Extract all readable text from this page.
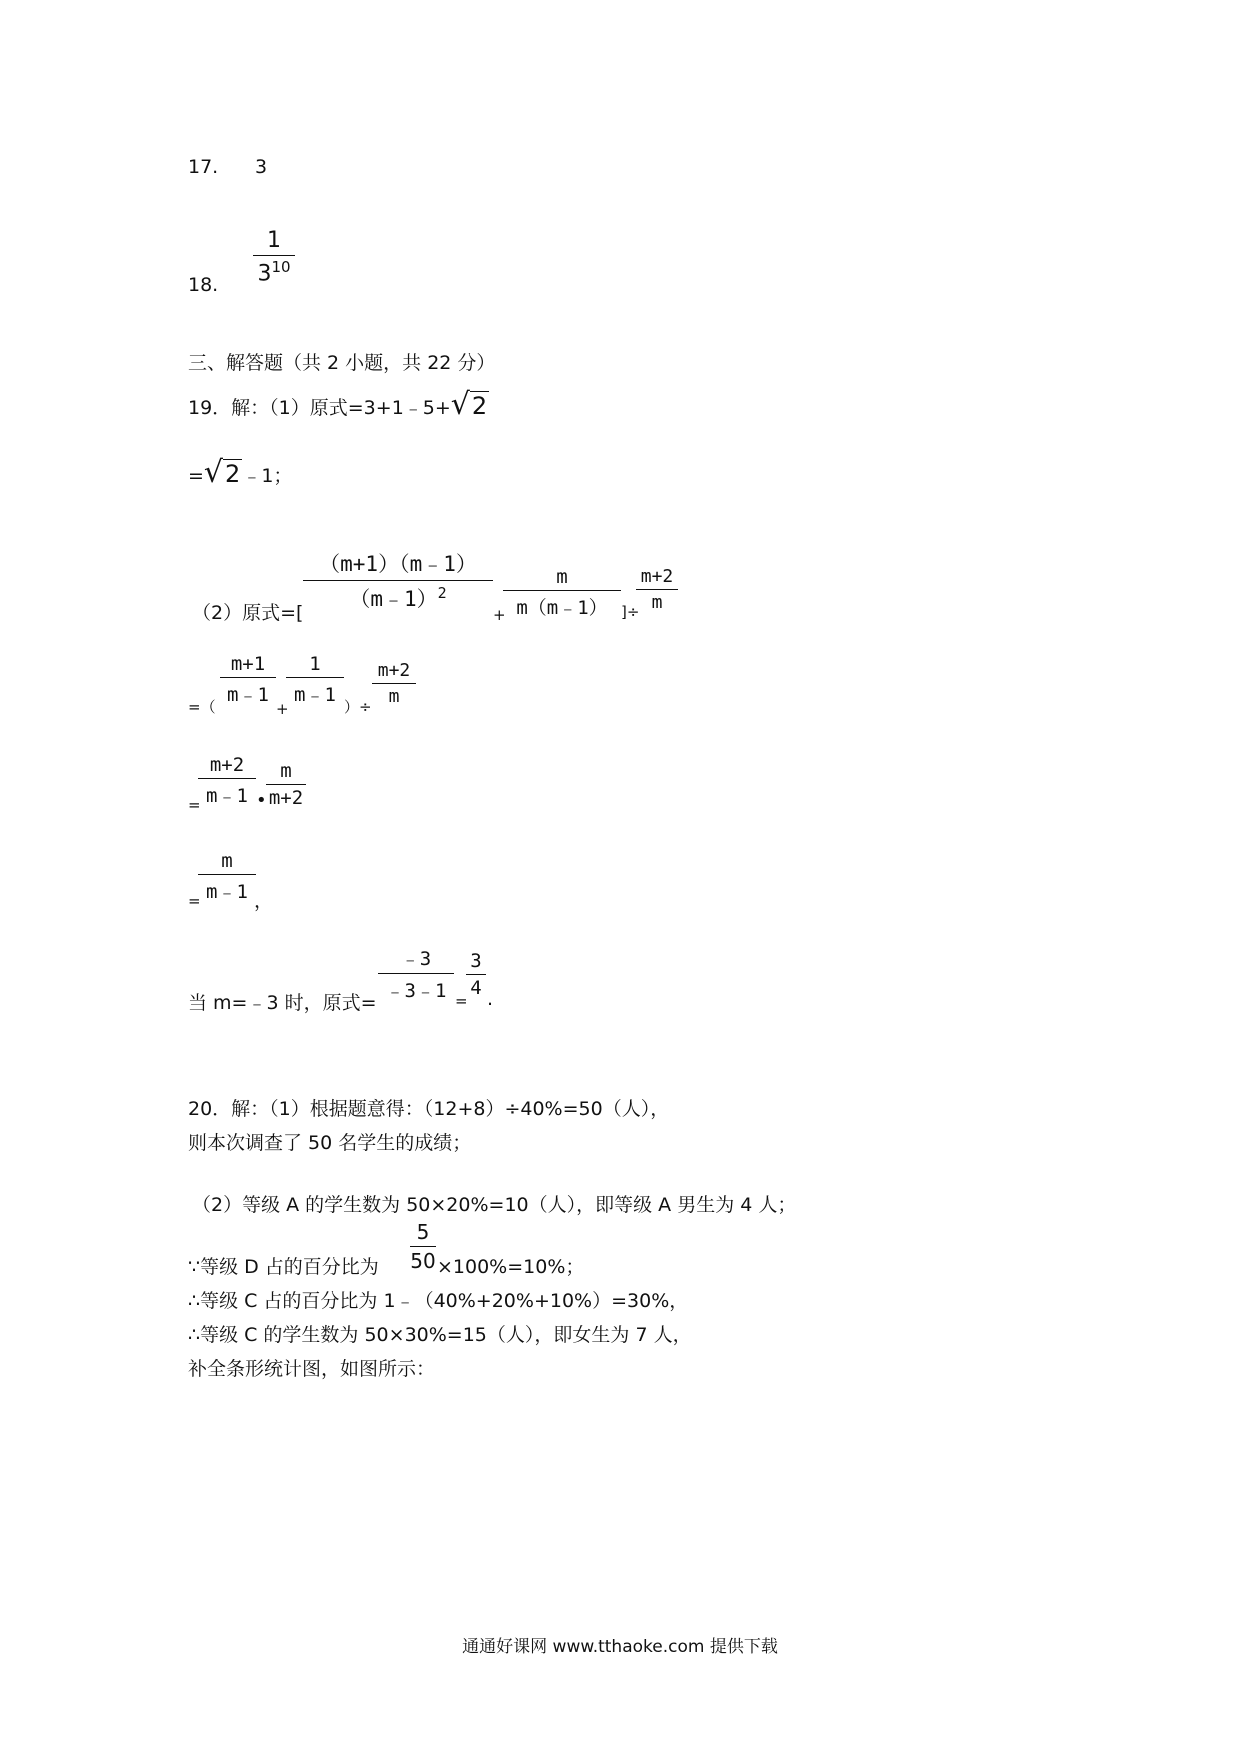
17. 3
18.
1
$3^{10}$
三、解答题（共 2 小题，共 22 分）
19．解：（1）原式=3+1﹣5+√2
=√2 ﹣1；
（2）原式=[
（m+1）（m﹣1）
（m﹣1）$^2$
+
m
m（m﹣1） ]÷
m+2
m
=（
m+1
m﹣1
+
1
m﹣1
）÷
m+2
m
=
m+2
m﹣1 •
m
m+2
=
m
m﹣1 ，
当 m=﹣3 时，原式=
﹣3
﹣3﹣1 =
3
4 .
20．解：（1）根据题意得：（12+8）÷40%=50（人），
则本次调查了 50 名学生的成绩；
（2）等级 A 的学生数为 50×20%=10（人），即等级 A 男生为 4 人；
∵等级 D 占的百分比为
5
50 ×100%=10%；
∴等级 C 占的百分比为 1﹣（40%+20%+10%）=30%，
∴等级 C 的学生数为 50×30%=15（人），即女生为 7 人，
补全条形统计图，如图所示：
通通好课网 www.tthaoke.com 提供下载
